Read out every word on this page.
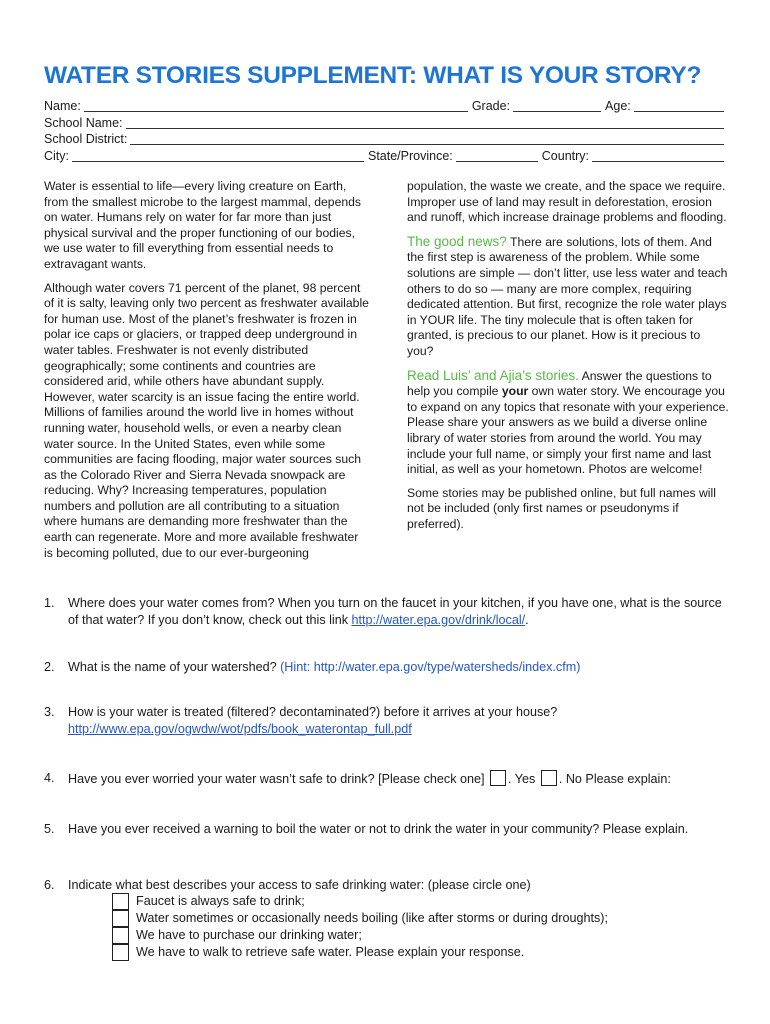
WATER STORIES SUPPLEMENT: WHAT IS YOUR STORY?
Name:	Grade:	Age:
School Name:
School District:
City:	State/Province:	Country:

Water is essential to life—every living creature on Earth, from the smallest microbe to the largest mammal, depends on water. Humans rely on water for far more than just physical survival and the proper functioning of our bodies, we use water to fill everything from essential needs to extravagant wants.

Although water covers 71 percent of the planet, 98 percent of it is salty, leaving only two percent as freshwater available for human use. Most of the planet’s freshwater is frozen in polar ice caps or glaciers, or trapped deep underground in water tables. Freshwater is not evenly distributed geographically; some continents and countries are considered arid, while others have abundant supply. However, water scarcity is an issue facing the entire world. Millions of families around the world live in homes without running water, household wells, or even a nearby clean water source. In the United States, even while some communities are facing flooding, major water sources such as the Colorado River and Sierra Nevada snowpack are reducing. Why? Increasing temperatures, population numbers and pollution are all contributing to a situation where humans are demanding more freshwater than the earth can regenerate. More and more available freshwater is becoming polluted, due to our ever-burgeoning

population, the waste we create, and the space we require. Improper use of land may result in deforestation, erosion and runoff, which increase drainage problems and flooding.

The good news? There are solutions, lots of them. And the first step is awareness of the problem. While some solutions are simple — don’t litter, use less water and teach others to do so — many are more complex, requiring dedicated attention. But first, recognize the role water plays in YOUR life. The tiny molecule that is often taken for granted, is precious to our planet. How is it precious to you?

Read Luis’ and Ajia’s stories. Answer the questions to help you compile your own water story. We encourage you to expand on any topics that resonate with your experience. Please share your answers as we build a diverse online library of water stories from around the world. You may include your full name, or simply your first name and last initial, as well as your hometown. Photos are welcome!

Some stories may be published online, but full names will not be included (only first names or pseudonyms if preferred).

1. Where does your water comes from? When you turn on the faucet in your kitchen, if you have one, what is the source of that water? If you don’t know, check out this link http://water.epa.gov/drink/local/.
2. What is the name of your watershed? (Hint: http://water.epa.gov/type/watersheds/index.cfm)
3. How is your water is treated (filtered? decontaminated?) before it arrives at your house?
http://www.epa.gov/ogwdw/wot/pdfs/book_waterontap_full.pdf
4. Have you ever worried your water wasn’t safe to drink? [Please check one] . Yes . No Please explain:
5. Have you ever received a warning to boil the water or not to drink the water in your community? Please explain.
6. Indicate what best describes your access to safe drinking water: (please circle one)
Faucet is always safe to drink;
Water sometimes or occasionally needs boiling (like after storms or during droughts);
We have to purchase our drinking water;
We have to walk to retrieve safe water. Please explain your response.
